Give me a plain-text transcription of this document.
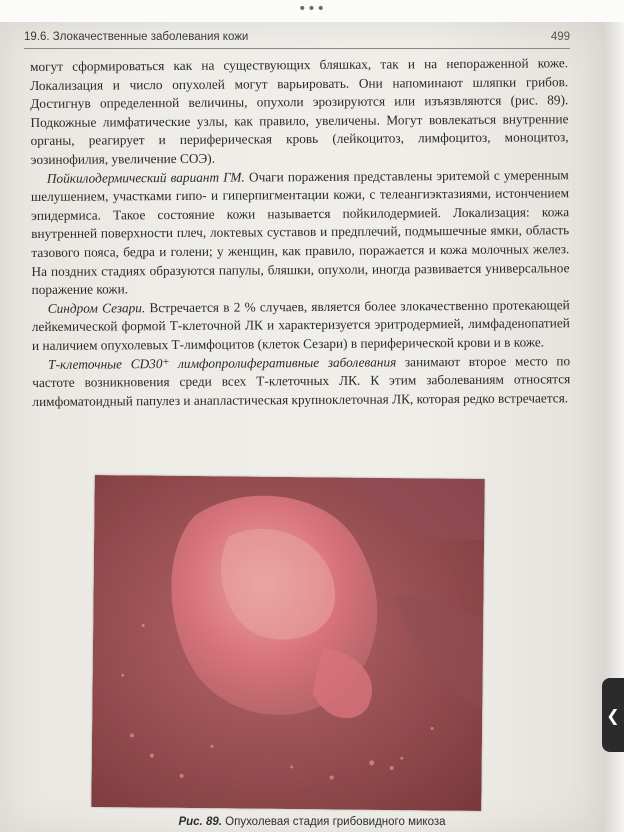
•••
19.6. Злокачественные заболевания кожи	499

могут сформироваться как на существующих бляшках, так и на непораженной коже. Локализация и число опухолей могут варьировать. Они напоминают шляпки грибов. Достигнув определенной величины, опухоли эрозируются или изъязвляются (рис. 89). Подкожные лимфатические узлы, как правило, увеличены. Могут вовлекаться внутренние органы, реагирует и периферическая кровь (лейкоцитоз, лимфоцитоз, моноцитоз, эозинофилия, увеличение СОЭ).

Пойкилодермический вариант ГМ. Очаги поражения представлены эритемой с умеренным шелушением, участками гипо- и гиперпигментации кожи, с телеангиэктазиями, истончением эпидермиса. Такое состояние кожи называется пойкилодермией. Локализация: кожа внутренней поверхности плеч, локтевых суставов и предплечий, подмышечные ямки, область тазового пояса, бедра и голени; у женщин, как правило, поражается и кожа молочных желез. На поздних стадиях образуются папулы, бляшки, опухоли, иногда развивается универсальное поражение кожи.

Синдром Сезари. Встречается в 2 % случаев, является более злокачественно протекающей лейкемической формой Т-клеточной ЛК и характеризуется эритродермией, лимфаденопатией и наличием опухолевых Т-лимфоцитов (клеток Сезари) в периферической крови и в коже.

Т-клеточные CD30⁺ лимфопролиферативные заболевания занимают второе место по частоте возникновения среди всех Т-клеточных ЛК. К этим заболеваниям относятся лимфоматоидный папулез и анапластическая крупноклеточная ЛК, которая редко встречается.

Рис. 89. Опухолевая стадия грибовидного микоза
❮
